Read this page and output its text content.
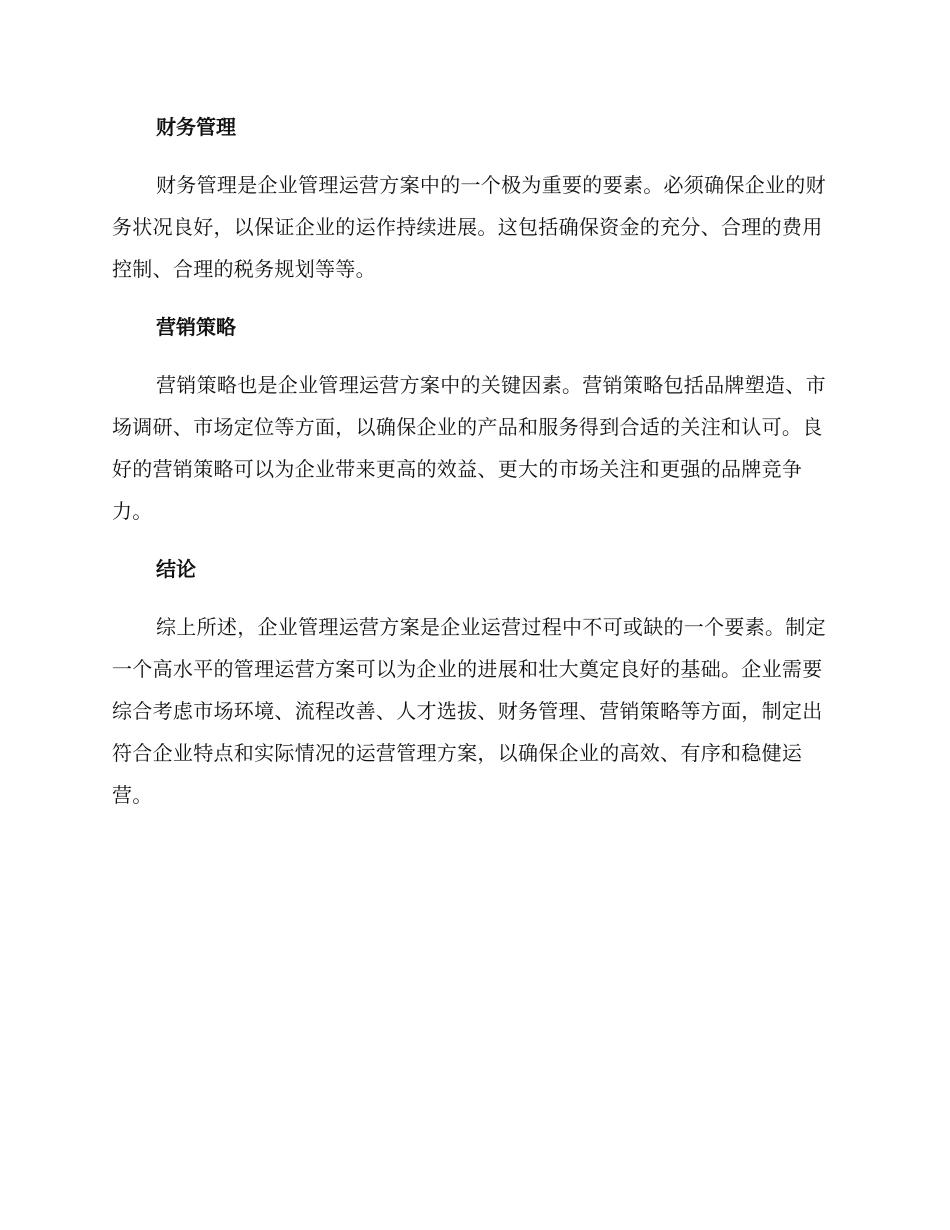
财务管理

财务管理是企业管理运营方案中的一个极为重要的要素。必须确保企业的财务状况良好，以保证企业的运作持续进展。这包括确保资金的充分、合理的费用控制、合理的税务规划等等。

营销策略

营销策略也是企业管理运营方案中的关键因素。营销策略包括品牌塑造、市场调研、市场定位等方面，以确保企业的产品和服务得到合适的关注和认可。良好的营销策略可以为企业带来更高的效益、更大的市场关注和更强的品牌竞争力。

结论

综上所述，企业管理运营方案是企业运营过程中不可或缺的一个要素。制定一个高水平的管理运营方案可以为企业的进展和壮大奠定良好的基础。企业需要综合考虑市场环境、流程改善、人才选拔、财务管理、营销策略等方面，制定出符合企业特点和实际情况的运营管理方案，以确保企业的高效、有序和稳健运营。
